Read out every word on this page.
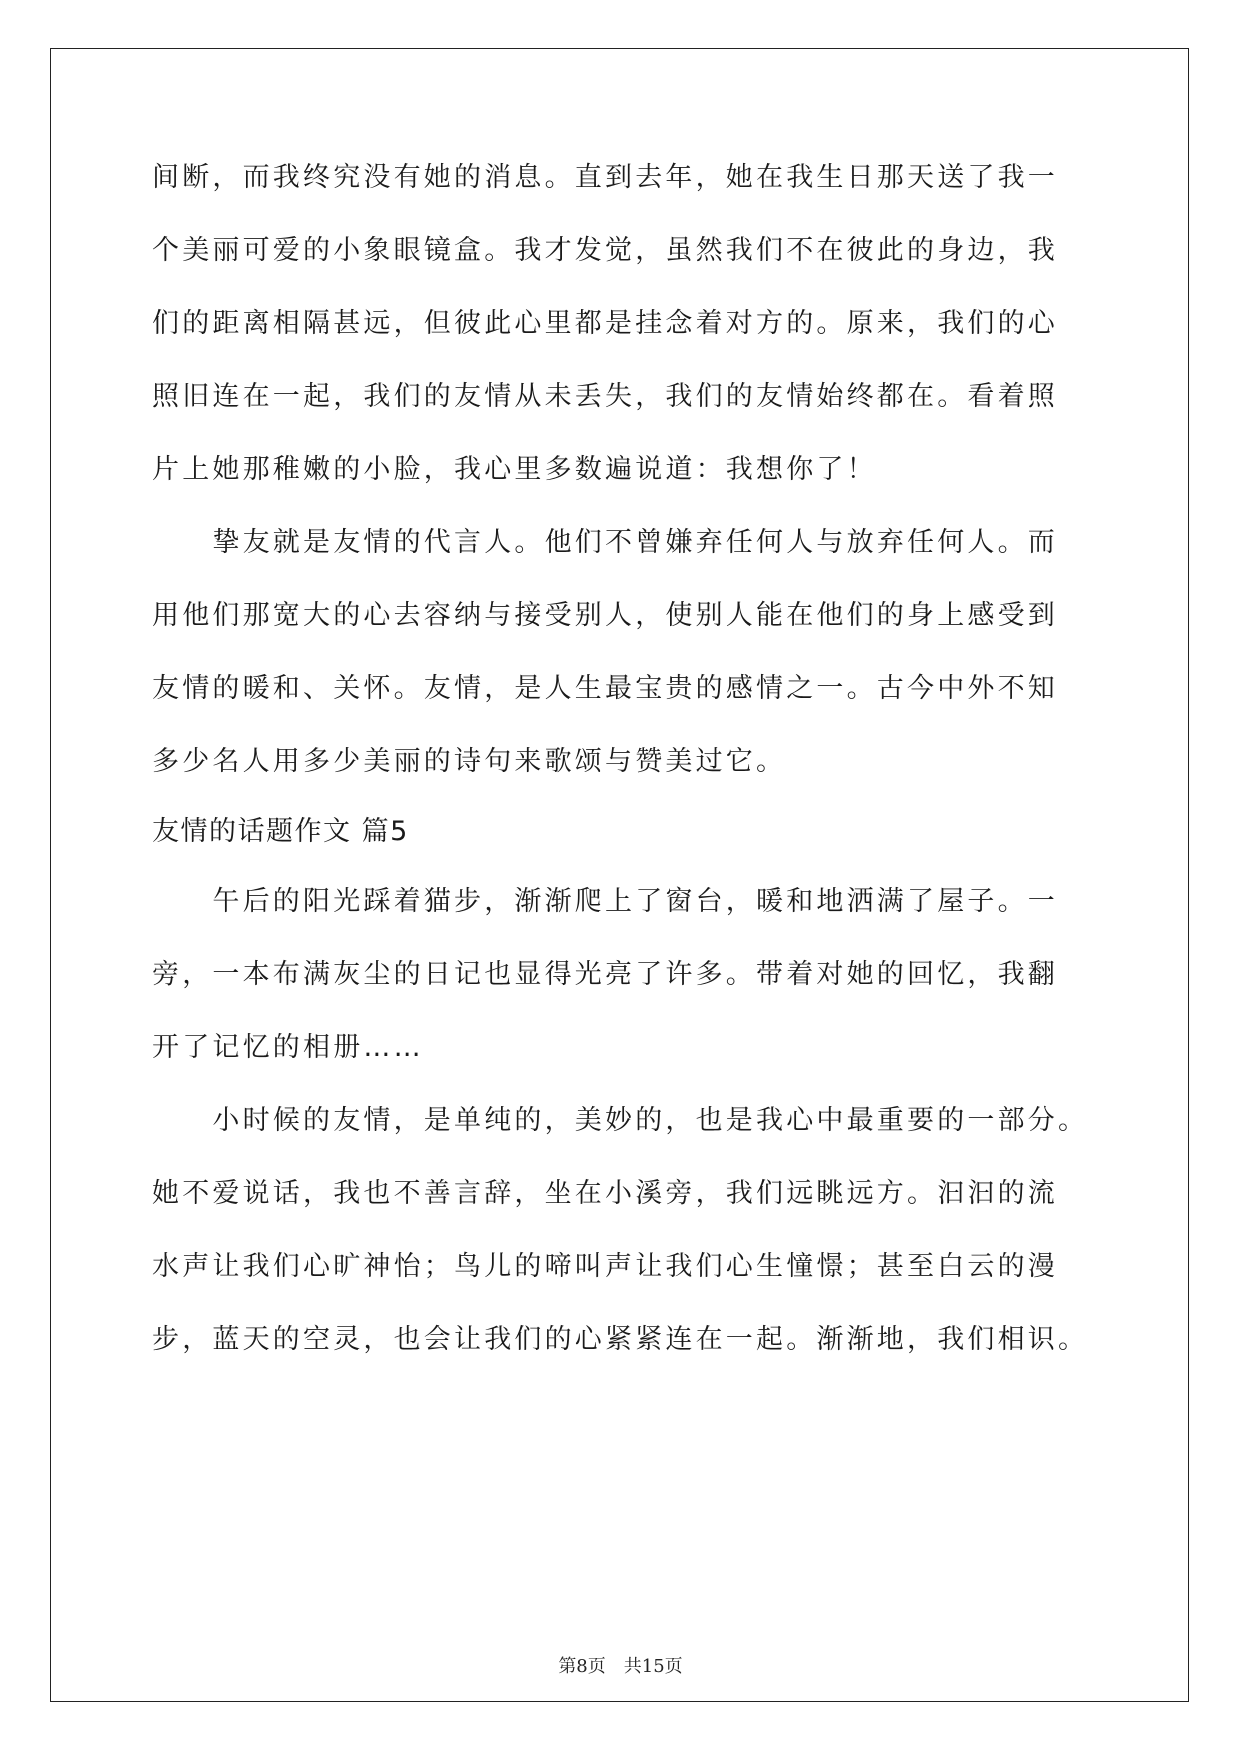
间断，而我终究没有她的消息。直到去年，她在我生日那天送了我一
个美丽可爱的小象眼镜盒。我才发觉，虽然我们不在彼此的身边，我
们的距离相隔甚远，但彼此心里都是挂念着对方的。原来，我们的心
照旧连在一起，我们的友情从未丢失，我们的友情始终都在。看着照
片上她那稚嫩的小脸，我心里多数遍说道：我想你了！
　　挚友就是友情的代言人。他们不曾嫌弃任何人与放弃任何人。而
用他们那宽大的心去容纳与接受别人，使别人能在他们的身上感受到
友情的暖和、关怀。友情，是人生最宝贵的感情之一。古今中外不知
多少名人用多少美丽的诗句来歌颂与赞美过它。
友情的话题作文 篇5
　　午后的阳光踩着猫步，渐渐爬上了窗台，暖和地洒满了屋子。一
旁，一本布满灰尘的日记也显得光亮了许多。带着对她的回忆，我翻
开了记忆的相册……
　　小时候的友情，是单纯的，美妙的，也是我心中最重要的一部分。
她不爱说话，我也不善言辞，坐在小溪旁，我们远眺远方。汩汩的流
水声让我们心旷神怡；鸟儿的啼叫声让我们心生憧憬；甚至白云的漫
步，蓝天的空灵，也会让我们的心紧紧连在一起。渐渐地，我们相识。
第8页　共15页
